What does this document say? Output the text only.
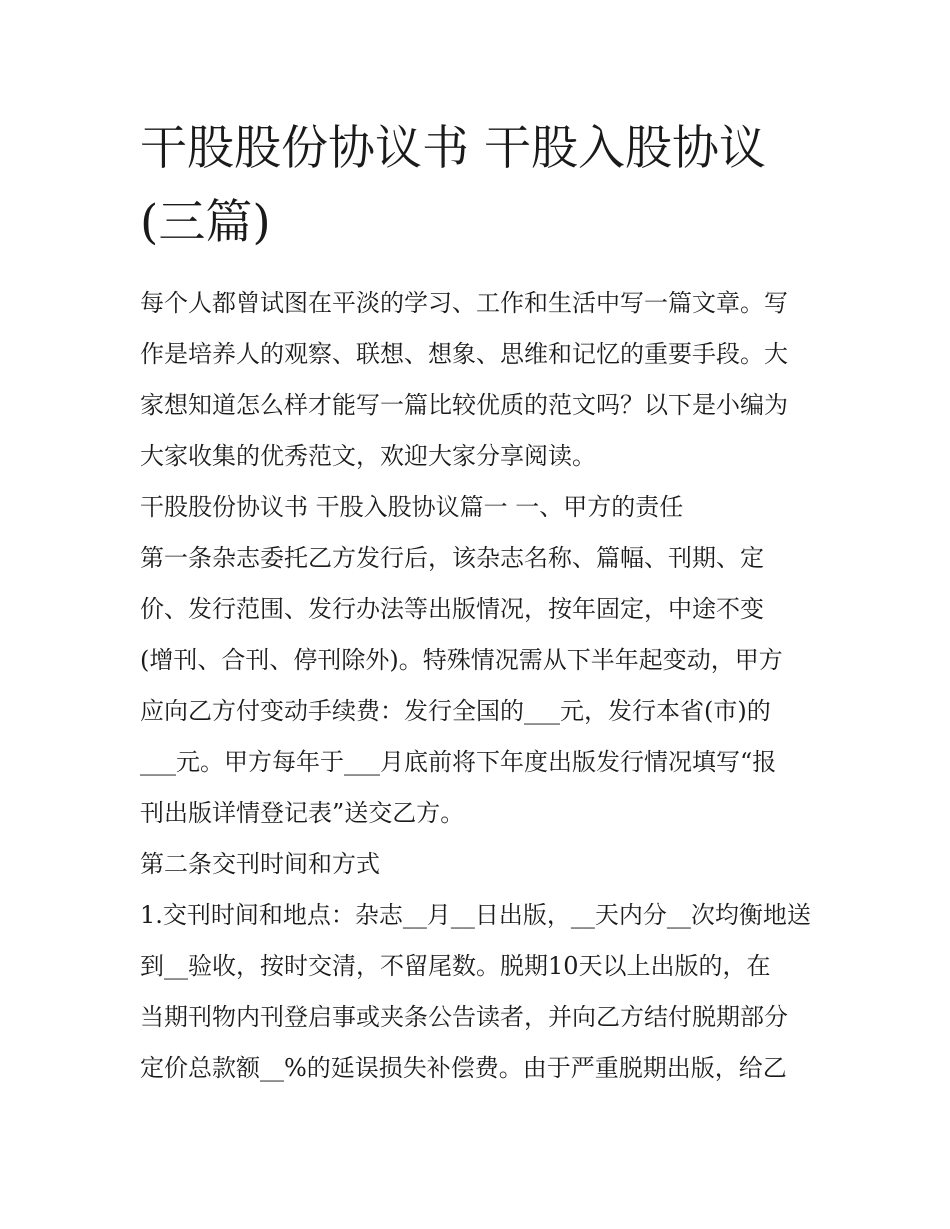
干股股份协议书 干股入股协议
(三篇)
每个人都曾试图在平淡的学习、工作和生活中写一篇文章。写
作是培养人的观察、联想、想象、思维和记忆的重要手段。大
家想知道怎么样才能写一篇比较优质的范文吗？以下是小编为
大家收集的优秀范文，欢迎大家分享阅读。
干股股份协议书 干股入股协议篇一 一、甲方的责任
第一条杂志委托乙方发行后，该杂志名称、篇幅、刊期、定
价、发行范围、发行办法等出版情况，按年固定，中途不变
(增刊、合刊、停刊除外)。特殊情况需从下半年起变动，甲方
应向乙方付变动手续费：发行全国的___元，发行本省(市)的
___元。甲方每年于___月底前将下年度出版发行情况填写“报
刊出版详情登记表”送交乙方。
第二条交刊时间和方式
1.交刊时间和地点：杂志__月__日出版，__天内分__次均衡地送
到__验收，按时交清，不留尾数。脱期10天以上出版的，在
当期刊物内刊登启事或夹条公告读者，并向乙方结付脱期部分
定价总款额__%的延误损失补偿费。由于严重脱期出版，给乙
